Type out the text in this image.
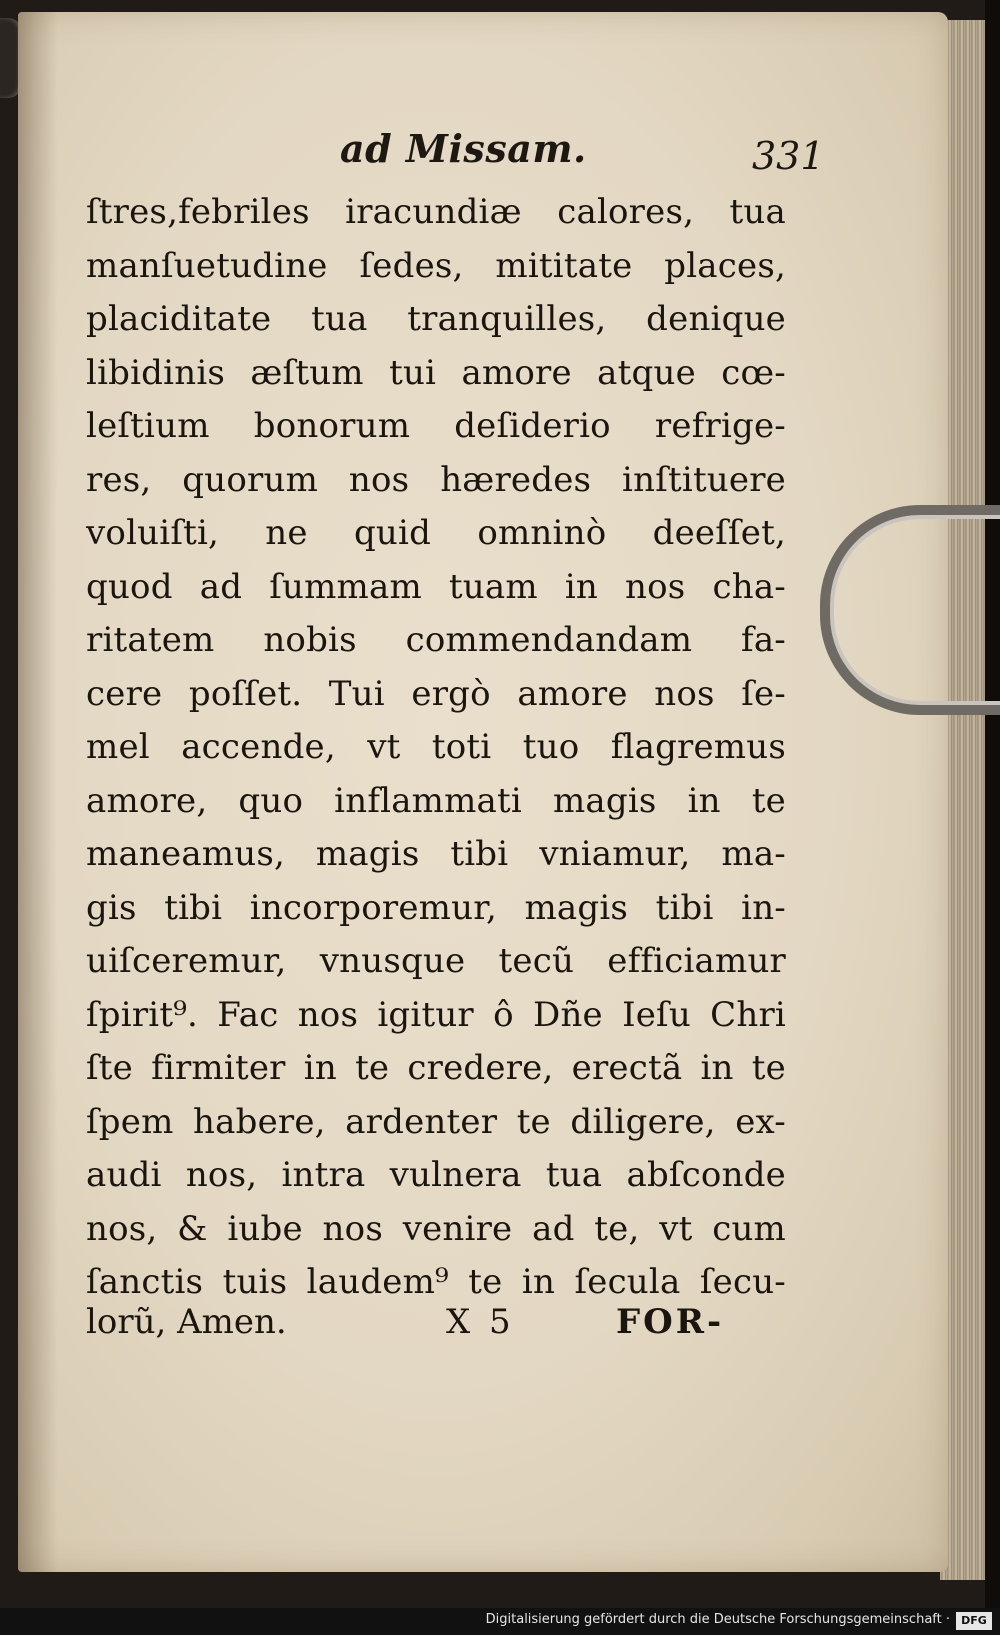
ad Missam.	331
ſtres,febriles iracundiæ calores, tua
manſuetudine ſedes, mititate places,
placiditate tua tranquilles, denique
libidinis æſtum tui amore atque cœ-
leſtium bonorum deſiderio refrige-
res, quorum nos hæredes inſtituere
voluiſti, ne quid omninò deeſſet,
quod ad ſummam tuam in nos cha-
ritatem nobis commendandam fa-
cere poſſet. Tui ergò amore nos ſe-
mel accende, vt toti tuo flagremus
amore, quo inflammati magis in te
maneamus, magis tibi vniamur, ma-
gis tibi incorporemur, magis tibi in-
uiſceremur, vnusque tecũ efficiamur
ſpirit⁹. Fac nos igitur ô Dñe Ieſu Chri
ſte firmiter in te credere, erectã in te
ſpem habere, ardenter te diligere, ex-
audi nos, intra vulnera tua abſconde
nos, & iube nos venire ad te, vt cum
ſanctis tuis laudem⁹ te in ſecula ſecu-
lorũ, Amen.	X 5	FOR-
Digitalisierung gefördert durch die Deutsche Forschungsgemeinschaft ·	DFG
